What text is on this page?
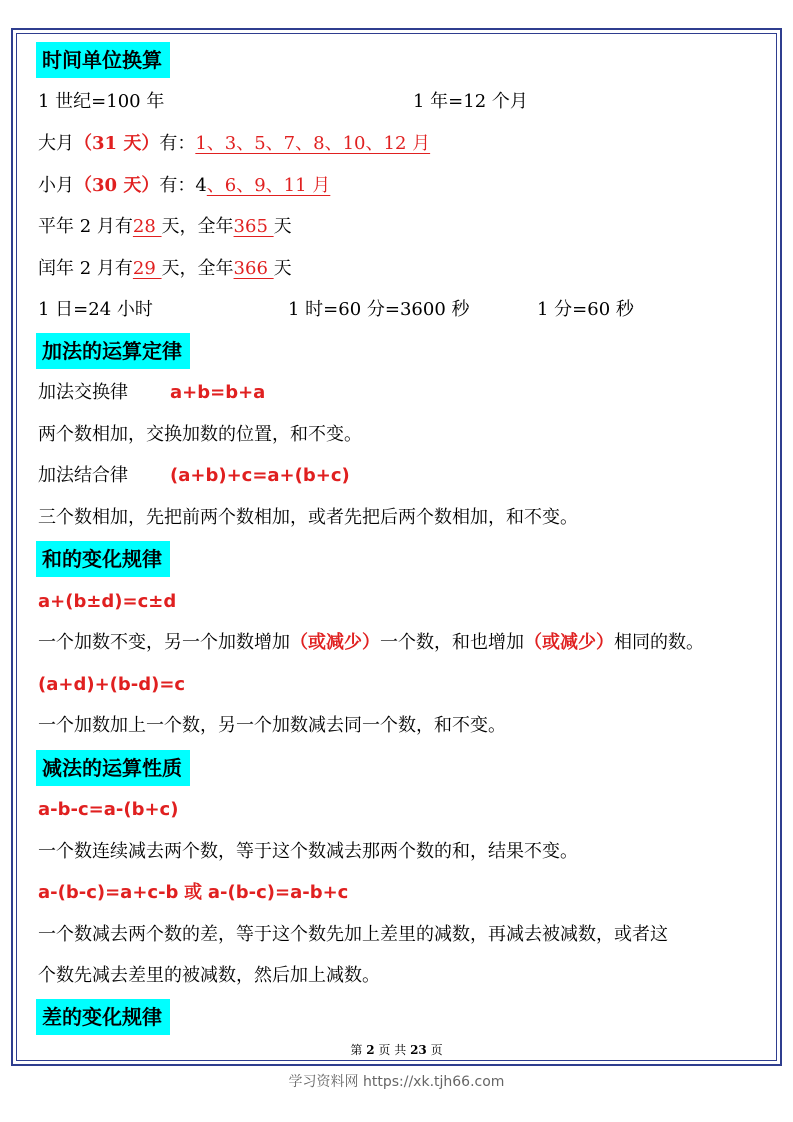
时间单位换算
1 世纪=100 年	1 年=12 个月
大月（31 天）有：1、3、5、7、8、10、12 月
小月（30 天）有：4、6、9、11 月
平年 2 月有28 天，全年365 天
闰年 2 月有29 天，全年366 天
1 日=24 小时	1 时=60 分=3600 秒	1 分=60 秒
加法的运算定律
加法交换律 a+b=b+a
两个数相加，交换加数的位置，和不变。
加法结合律 (a+b)+c=a+(b+c)
三个数相加，先把前两个数相加，或者先把后两个数相加，和不变。
和的变化规律
a+(b±d)=c±d
一个加数不变，另一个加数增加（或减少）一个数，和也增加（或减少）相同的数。
(a+d)+(b-d)=c
一个加数加上一个数，另一个加数减去同一个数，和不变。
减法的运算性质
a-b-c=a-(b+c)
一个数连续减去两个数，等于这个数减去那两个数的和，结果不变。
a-(b-c)=a+c-b 或 a-(b-c)=a-b+c
一个数减去两个数的差，等于这个数先加上差里的减数，再减去被减数，或者这
个数先减去差里的被减数，然后加上减数。
差的变化规律
第 2 页 共 23 页
学习资料网 https://xk.tjh66.com
